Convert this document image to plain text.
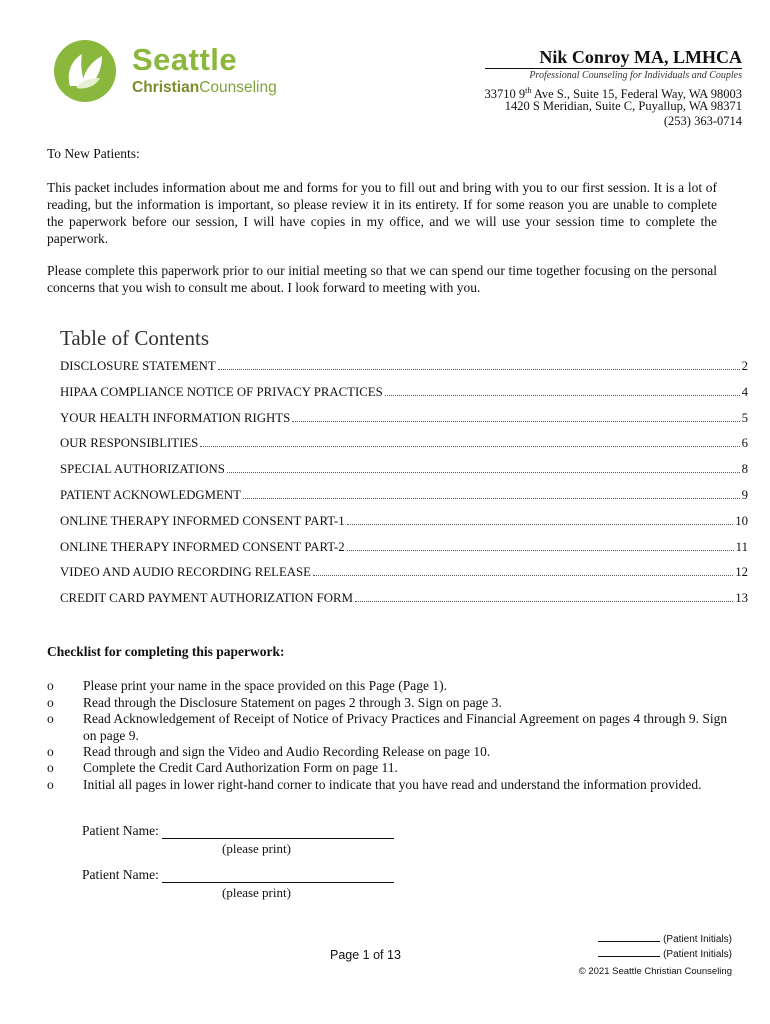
Seattle
ChristianCounseling
Nik Conroy MA, LMHCA
Professional Counseling for Individuals and Couples
33710 9th Ave S., Suite 15, Federal Way, WA 98003
1420 S Meridian, Suite C, Puyallup, WA 98371
(253) 363-0714
To New Patients:
This packet includes information about me and forms for you to fill out and bring with you to our first session. It is a lot of reading, but the information is important, so please review it in its entirety. If for some reason you are unable to complete the paperwork before our session, I will have copies in my office, and we will use your session time to complete the paperwork.
Please complete this paperwork prior to our initial meeting so that we can spend our time together focusing on the personal concerns that you wish to consult me about. I look forward to meeting with you.
Table of Contents
DISCLOSURE STATEMENT	2
HIPAA COMPLIANCE NOTICE OF PRIVACY PRACTICES	4
YOUR HEALTH INFORMATION RIGHTS	5
OUR RESPONSIBLITIES	6
SPECIAL AUTHORIZATIONS	8
PATIENT ACKNOWLEDGMENT	9
ONLINE THERAPY INFORMED CONSENT PART-1	10
ONLINE THERAPY INFORMED CONSENT PART-2	11
VIDEO AND AUDIO RECORDING RELEASE	12
CREDIT CARD PAYMENT AUTHORIZATION FORM	13
Checklist for completing this paperwork:
o	Please print your name in the space provided on this Page (Page 1).
o	Read through the Disclosure Statement on pages 2 through 3. Sign on page 3.
o	Read Acknowledgement of Receipt of Notice of Privacy Practices and Financial Agreement on pages 4 through 9. Sign on page 9.
o	Read through and sign the Video and Audio Recording Release on page 10.
o	Complete the Credit Card Authorization Form on page 11.
o	Initial all pages in lower right-hand corner to indicate that you have read and understand the information provided.
Patient Name:
(please print)
Patient Name:
(please print)
Page 1 of 13
(Patient Initials)
(Patient Initials)
© 2021 Seattle Christian Counseling
